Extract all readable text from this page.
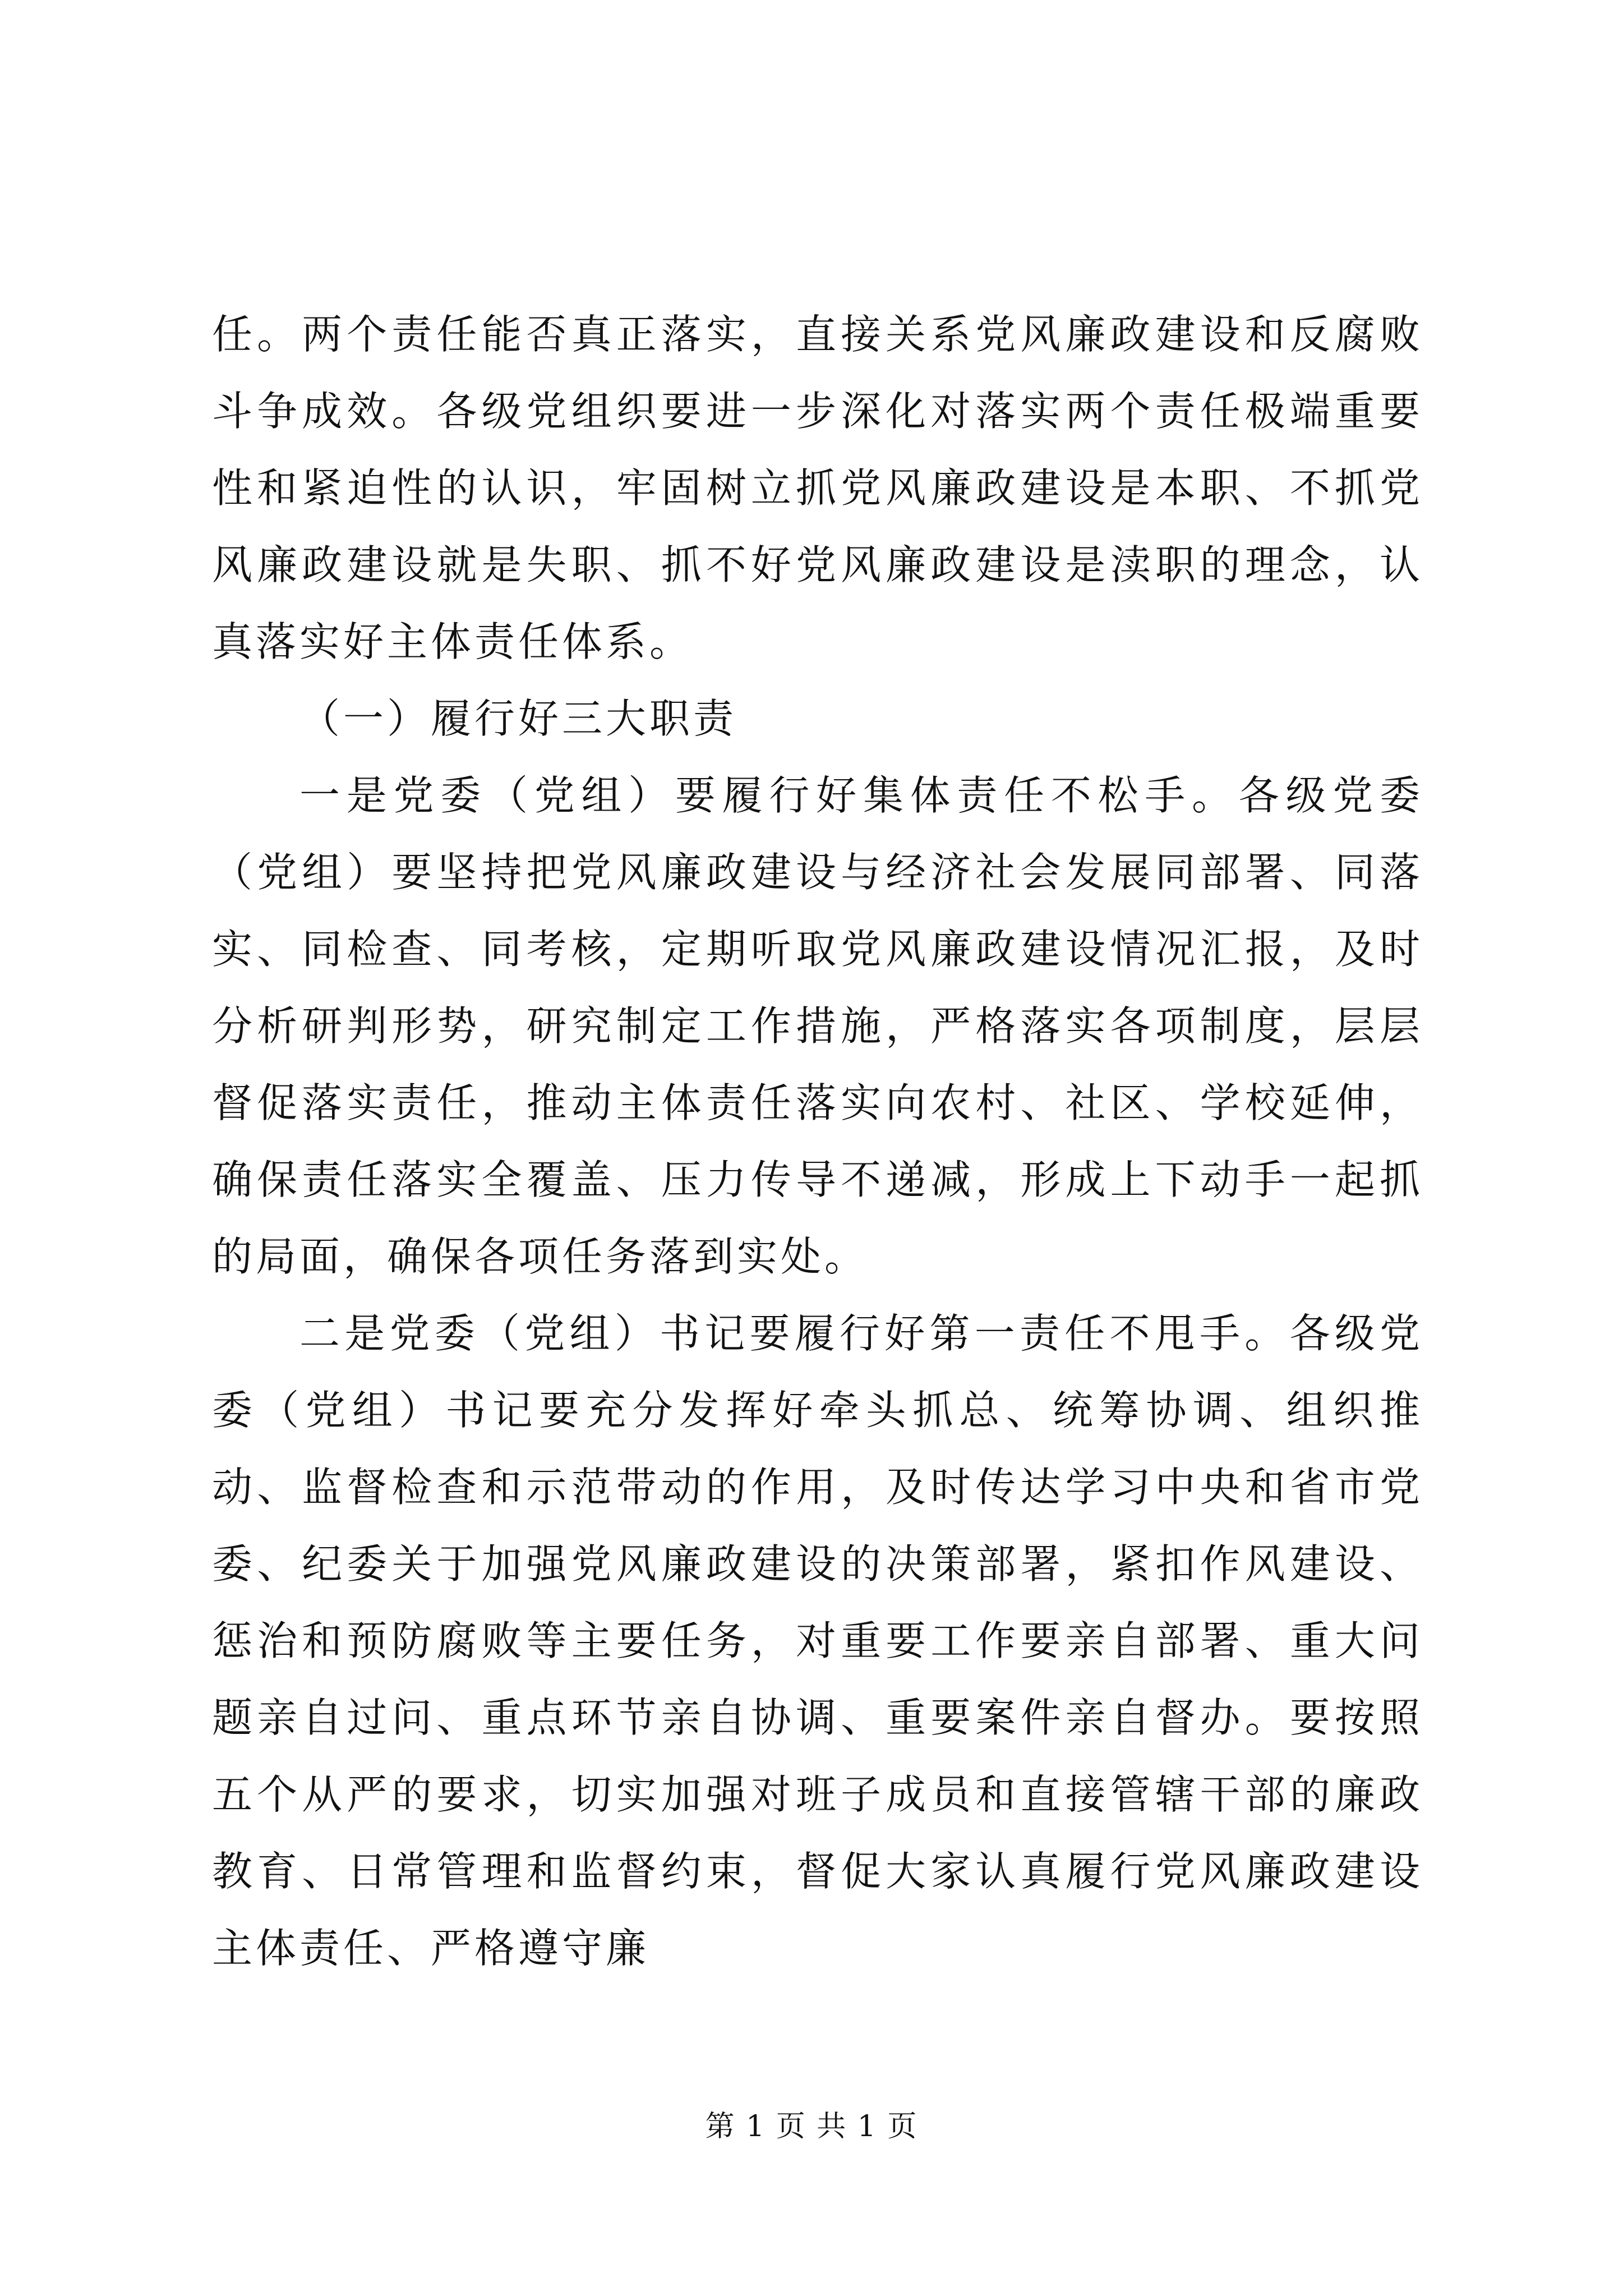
任。两个责任能否真正落实，直接关系党风廉政建设和反腐败斗争成效。各级党组织要进一步深化对落实两个责任极端重要性和紧迫性的认识，牢固树立抓党风廉政建设是本职、不抓党风廉政建设就是失职、抓不好党风廉政建设是渎职的理念，认真落实好主体责任体系。

（一）履行好三大职责

一是党委（党组）要履行好集体责任不松手。各级党委（党组）要坚持把党风廉政建设与经济社会发展同部署、同落实、同检查、同考核，定期听取党风廉政建设情况汇报，及时分析研判形势，研究制定工作措施，严格落实各项制度，层层督促落实责任，推动主体责任落实向农村、社区、学校延伸，确保责任落实全覆盖、压力传导不递减，形成上下动手一起抓的局面，确保各项任务落到实处。

二是党委（党组）书记要履行好第一责任不甩手。各级党委（党组）书记要充分发挥好牵头抓总、统筹协调、组织推动、监督检查和示范带动的作用，及时传达学习中央和省市党委、纪委关于加强党风廉政建设的决策部署，紧扣作风建设、惩治和预防腐败等主要任务，对重要工作要亲自部署、重大问题亲自过问、重点环节亲自协调、重要案件亲自督办。要按照五个从严的要求，切实加强对班子成员和直接管辖干部的廉政教育、日常管理和监督约束，督促大家认真履行党风廉政建设主体责任、严格遵守廉

第 1 页 共 1 页
